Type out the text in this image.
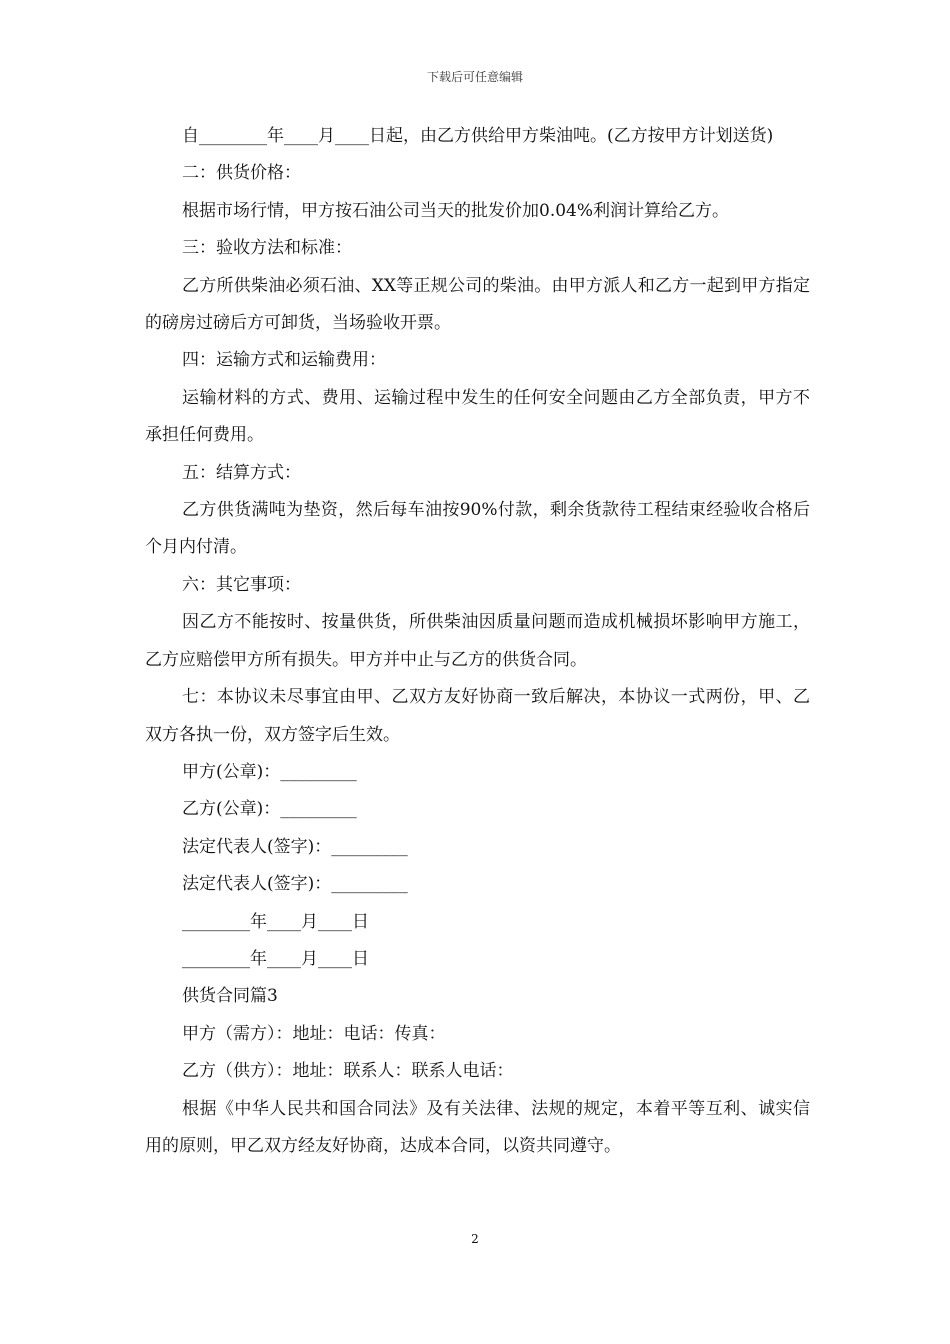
下载后可任意编辑

自________年____月____日起，由乙方供给甲方柴油吨。(乙方按甲方计划送货)

二：供货价格：

根据市场行情，甲方按石油公司当天的批发价加0.04%利润计算给乙方。

三：验收方法和标准：

乙方所供柴油必须石油、XX等正规公司的柴油。由甲方派人和乙方一起到甲方指定的磅房过磅后方可卸货，当场验收开票。

四：运输方式和运输费用：

运输材料的方式、费用、运输过程中发生的任何安全问题由乙方全部负责，甲方不承担任何费用。

五：结算方式：

乙方供货满吨为垫资，然后每车油按90%付款，剩余货款待工程结束经验收合格后个月内付清。

六：其它事项：

因乙方不能按时、按量供货，所供柴油因质量问题而造成机械损坏影响甲方施工，乙方应赔偿甲方所有损失。甲方并中止与乙方的供货合同。

七：本协议未尽事宜由甲、乙双方友好协商一致后解决，本协议一式两份，甲、乙双方各执一份，双方签字后生效。

甲方(公章)：_________

乙方(公章)：_________

法定代表人(签字)：_________

法定代表人(签字)：_________

________年____月____日

________年____月____日

供货合同篇3

甲方（需方）：地址：电话：传真：

乙方（供方）：地址：联系人：联系人电话：

根据《中华人民共和国合同法》及有关法律、法规的规定，本着平等互利、诚实信用的原则，甲乙双方经友好协商，达成本合同，以资共同遵守。

2
